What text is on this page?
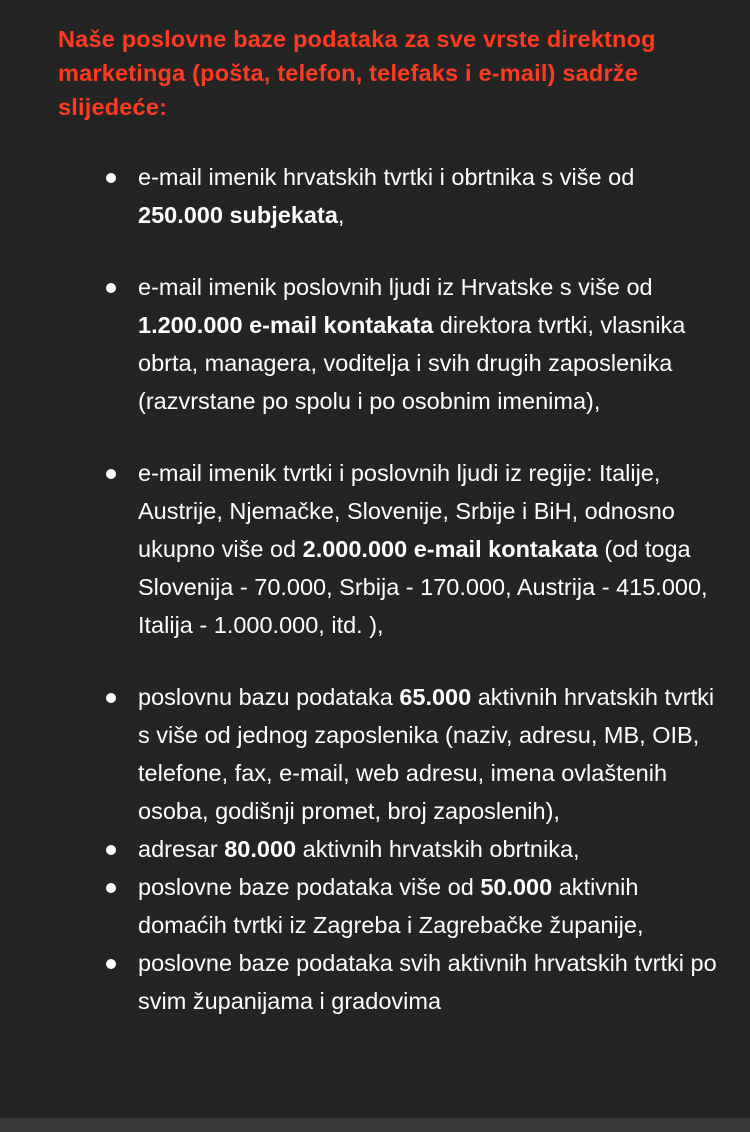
Naše poslovne baze podataka za sve vrste direktnog marketinga (pošta, telefon, telefaks i e-mail) sadrže slijedeće:

e-mail imenik hrvatskih tvrtki i obrtnika s više od 250.000 subjekata,
e-mail imenik poslovnih ljudi iz Hrvatske s više od 1.200.000 e-mail kontakata direktora tvrtki, vlasnika obrta, managera, voditelja i svih drugih zaposlenika (razvrstane po spolu i po osobnim imenima),
e-mail imenik tvrtki i poslovnih ljudi iz regije: Italije, Austrije, Njemačke, Slovenije, Srbije i BiH, odnosno ukupno više od 2.000.000 e-mail kontakata (od toga Slovenija - 70.000, Srbija - 170.000, Austrija - 415.000, Italija - 1.000.000, itd. ),
poslovnu bazu podataka 65.000 aktivnih hrvatskih tvrtki s više od jednog zaposlenika (naziv, adresu, MB, OIB, telefone, fax, e-mail, web adresu, imena ovlaštenih osoba, godišnji promet, broj zaposlenih),
adresar 80.000 aktivnih hrvatskih obrtnika,
poslovne baze podataka više od 50.000 aktivnih domaćih tvrtki iz Zagreba i Zagrebačke županije,
poslovne baze podataka svih aktivnih hrvatskih tvrtki po svim županijama i gradovima
